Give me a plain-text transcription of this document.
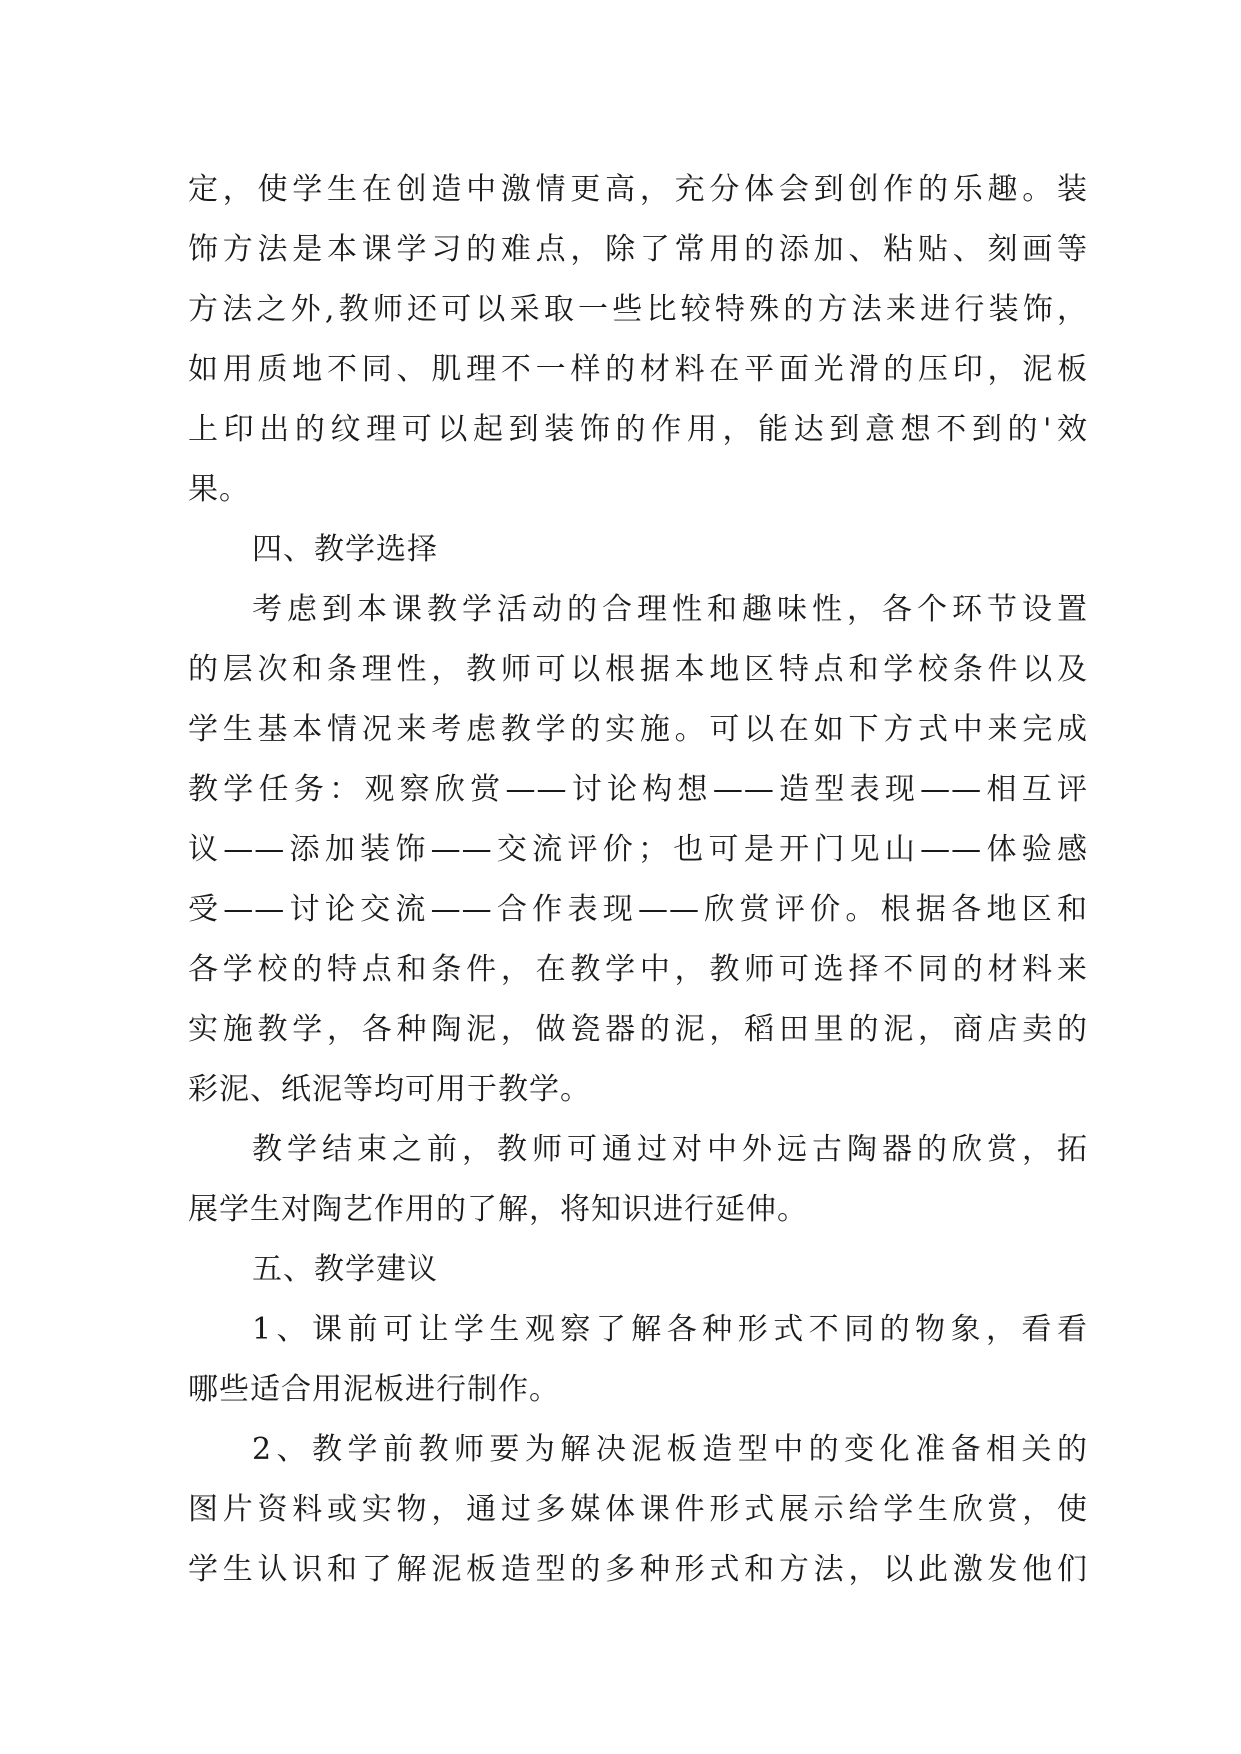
定，使学生在创造中激情更高，充分体会到创作的乐趣。装
饰方法是本课学习的难点，除了常用的添加、粘贴、刻画等
方法之外,教师还可以采取一些比较特殊的方法来进行装饰，
如用质地不同、肌理不一样的材料在平面光滑的压印，泥板
上印出的纹理可以起到装饰的作用，能达到意想不到的'效
果。
四、教学选择
考虑到本课教学活动的合理性和趣味性，各个环节设置
的层次和条理性，教师可以根据本地区特点和学校条件以及
学生基本情况来考虑教学的实施。可以在如下方式中来完成
教学任务：观察欣赏——讨论构想——造型表现——相互评
议——添加装饰——交流评价；也可是开门见山——体验感
受——讨论交流——合作表现——欣赏评价。根据各地区和
各学校的特点和条件，在教学中，教师可选择不同的材料来
实施教学，各种陶泥，做瓷器的泥，稻田里的泥，商店卖的
彩泥、纸泥等均可用于教学。
教学结束之前，教师可通过对中外远古陶器的欣赏，拓
展学生对陶艺作用的了解，将知识进行延伸。
五、教学建议
1、课前可让学生观察了解各种形式不同的物象，看看
哪些适合用泥板进行制作。
2、教学前教师要为解决泥板造型中的变化准备相关的
图片资料或实物，通过多媒体课件形式展示给学生欣赏，使
学生认识和了解泥板造型的多种形式和方法，以此激发他们
